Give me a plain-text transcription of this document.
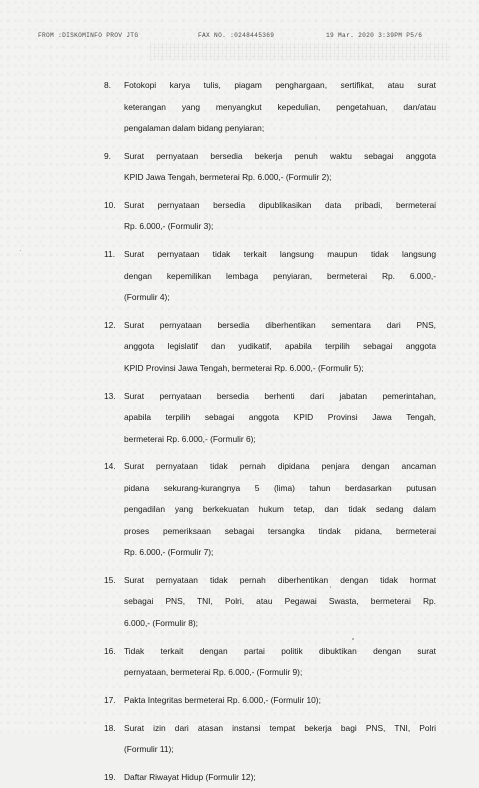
FROM :DISKOMINFO PROV JTG	FAX NO. :0248445369	19 Mar. 2020 3:39PM P5/6
8. Fotokopi karya tulis, piagam penghargaan, sertifikat, atau surat
keterangan yang menyangkut kepedulian, pengetahuan, dan/atau
pengalaman dalam bidang penyiaran;
9. Surat pernyataan bersedia bekerja penuh waktu sebagai anggota
KPID Jawa Tengah, bermeterai Rp. 6.000,- (Formulir 2);
10. Surat pernyataan bersedia dipublikasikan data pribadi, bermeterai
Rp. 6.000,- (Formulir 3);
11. Surat pernyataan tidak terkait langsung maupun tidak langsung
dengan kepemilikan lembaga penyiaran, bermeterai Rp. 6.000,-
(Formulir 4);
12. Surat pernyataan bersedia diberhentikan sementara dari PNS,
anggota legislatif dan yudikatif, apabila terpilih sebagai anggota
KPID Provinsi Jawa Tengah, bermeterai Rp. 6.000,- (Formulir 5);
13. Surat pernyataan bersedia berhenti dari jabatan pemerintahan,
apabila terpilih sebagai anggota KPID Provinsi Jawa Tengah,
bermeterai Rp. 6.000,- (Formulir 6);
14. Surat pernyataan tidak pernah dipidana penjara dengan ancaman
pidana sekurang-kurangnya 5 (lima) tahun berdasarkan putusan
pengadilan yang berkekuatan hukum tetap, dan tidak sedang dalam
proses pemeriksaan sebagai tersangka tindak pidana, bermeterai
Rp. 6.000,- (Formulir 7);
15. Surat pernyataan tidak pernah diberhentikan dengan tidak hormat
sebagai PNS, TNI, Polri, atau Pegawai Swasta, bermeterai Rp.
6.000,- (Formulir 8);
16. Tidak terkait dengan partai politik dibuktikan dengan surat
pernyataan, bermeterai Rp. 6.000,- (Formulir 9);
17. Pakta Integritas bermeterai Rp. 6.000,- (Formulir 10);
18. Surat izin dari atasan instansi tempat bekerja bagi PNS, TNI, Polri
(Formulir 11);
19. Daftar Riwayat Hidup (Formulir 12);
